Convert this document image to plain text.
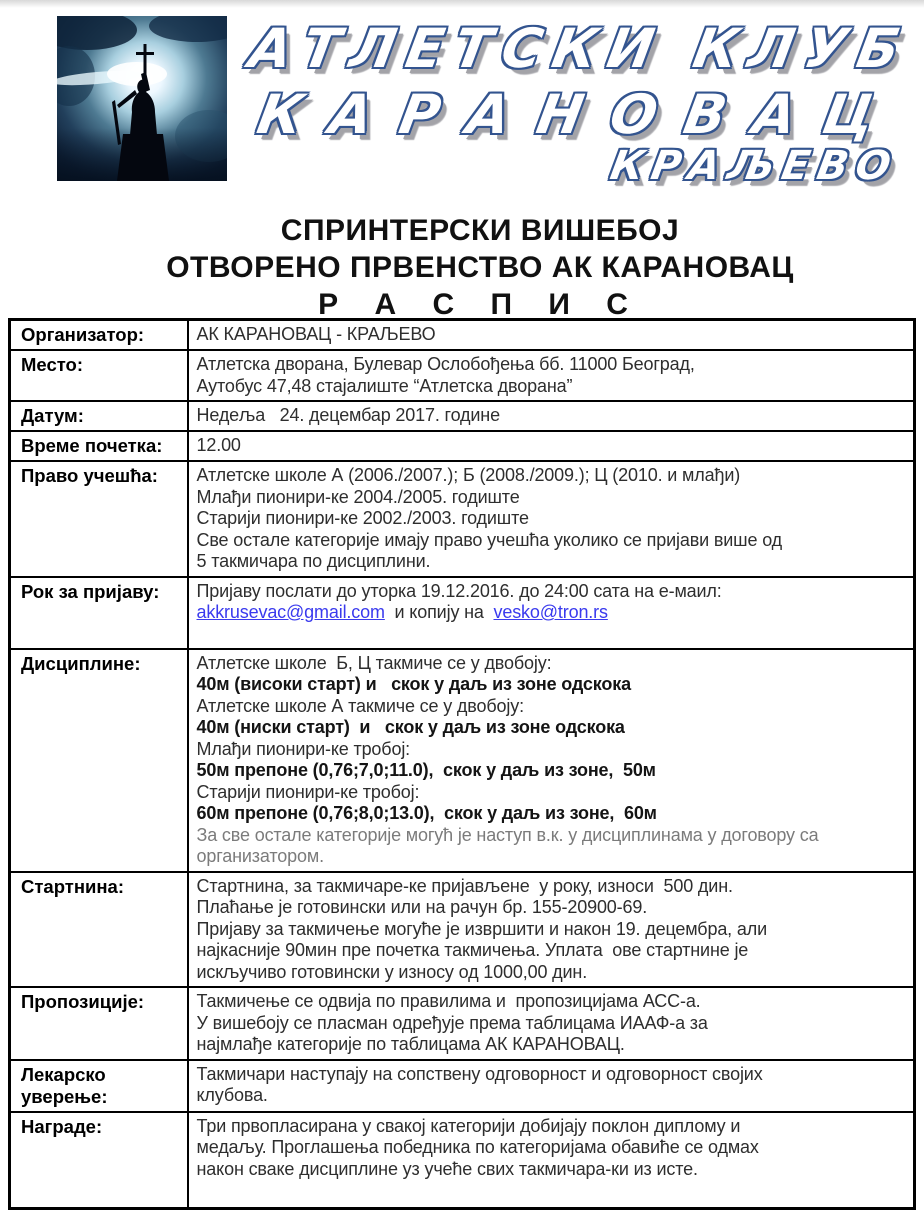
АТЛЕТСКИ КЛУБ
КАРАНОВАЦ
КРАЉЕВО
СПРИНТЕРСКИ ВИШЕБОЈ
ОТВОРЕНО ПРВЕНСТВО АК КАРАНОВАЦ
Р А С П И С
Организатор:	АК КАРАНОВАЦ - КРАЉЕВО

Место:	Атлетска дворана, Булевар Ослобођења бб. 11000 Београд,
Аутобус 47,48 стајалиште “Атлетска дворана”

Датум:	Недеља   24. децембар 2017. године

Време почетка:	12.00

Право учешћа:	Атлетске школе А (2006./2007.); Б (2008./2009.); Ц (2010. и млађи)
Млађи пионири-ке 2004./2005. годиште
Старији пионири-ке 2002./2003. годиште
Све остале категорије имају право учешћа уколико се пријави више од
5 такмичара по дисциплини.

Рок за пријаву:	Пријаву послати до уторка 19.12.2016. до 24:00 сата на е-маил:
akkrusevac@gmail.com  и копију на  vesko@tron.rs

Дисциплине:	Атлетске школе  Б, Ц такмиче се у двобоју:
40м (високи старт) и   скок у даљ из зоне одскока
Атлетске школе А такмиче се у двобоју:
40м (ниски старт)  и   скок у даљ из зоне одскока
Млађи пионири-ке тробој:
50м препоне (0,76;7,0;11.0),  скок у даљ из зоне,  50м
Старији пионири-ке тробој:
60м препоне (0,76;8,0;13.0),  скок у даљ из зоне,  60м
За све остале категорије могућ је наступ в.к. у дисциплинама у договору са
организатором.

Стартнина:	Стартнина, за такмичаре-ке пријављене  у року, износи  500 дин.
Плаћање је готовински или на рачун бр. 155-20900-69.
Пријаву за такмичење могуће је извршити и након 19. децембра, али
најкасније 90мин пре почетка такмичења. Уплата  ове стартнине је
искључиво готовински у износу од 1000,00 дин.

Пропозиције:	Такмичење се одвија по правилима и  пропозицијама АСС-а.
У вишебоју се пласман одређује према таблицама ИААФ-а за
најмлађе категорије по таблицама АК КАРАНОВАЦ.

Лекарско уверење:	Такмичари наступају на сопствену одговорност и одговорност својих
клубова.

Награде:	Три првопласирана у свакој категорији добијају поклон диплому и
медаљу. Проглашења победника по категоријама обавиће се одмах
након сваке дисциплине уз учеће свих такмичара-ки из исте.
